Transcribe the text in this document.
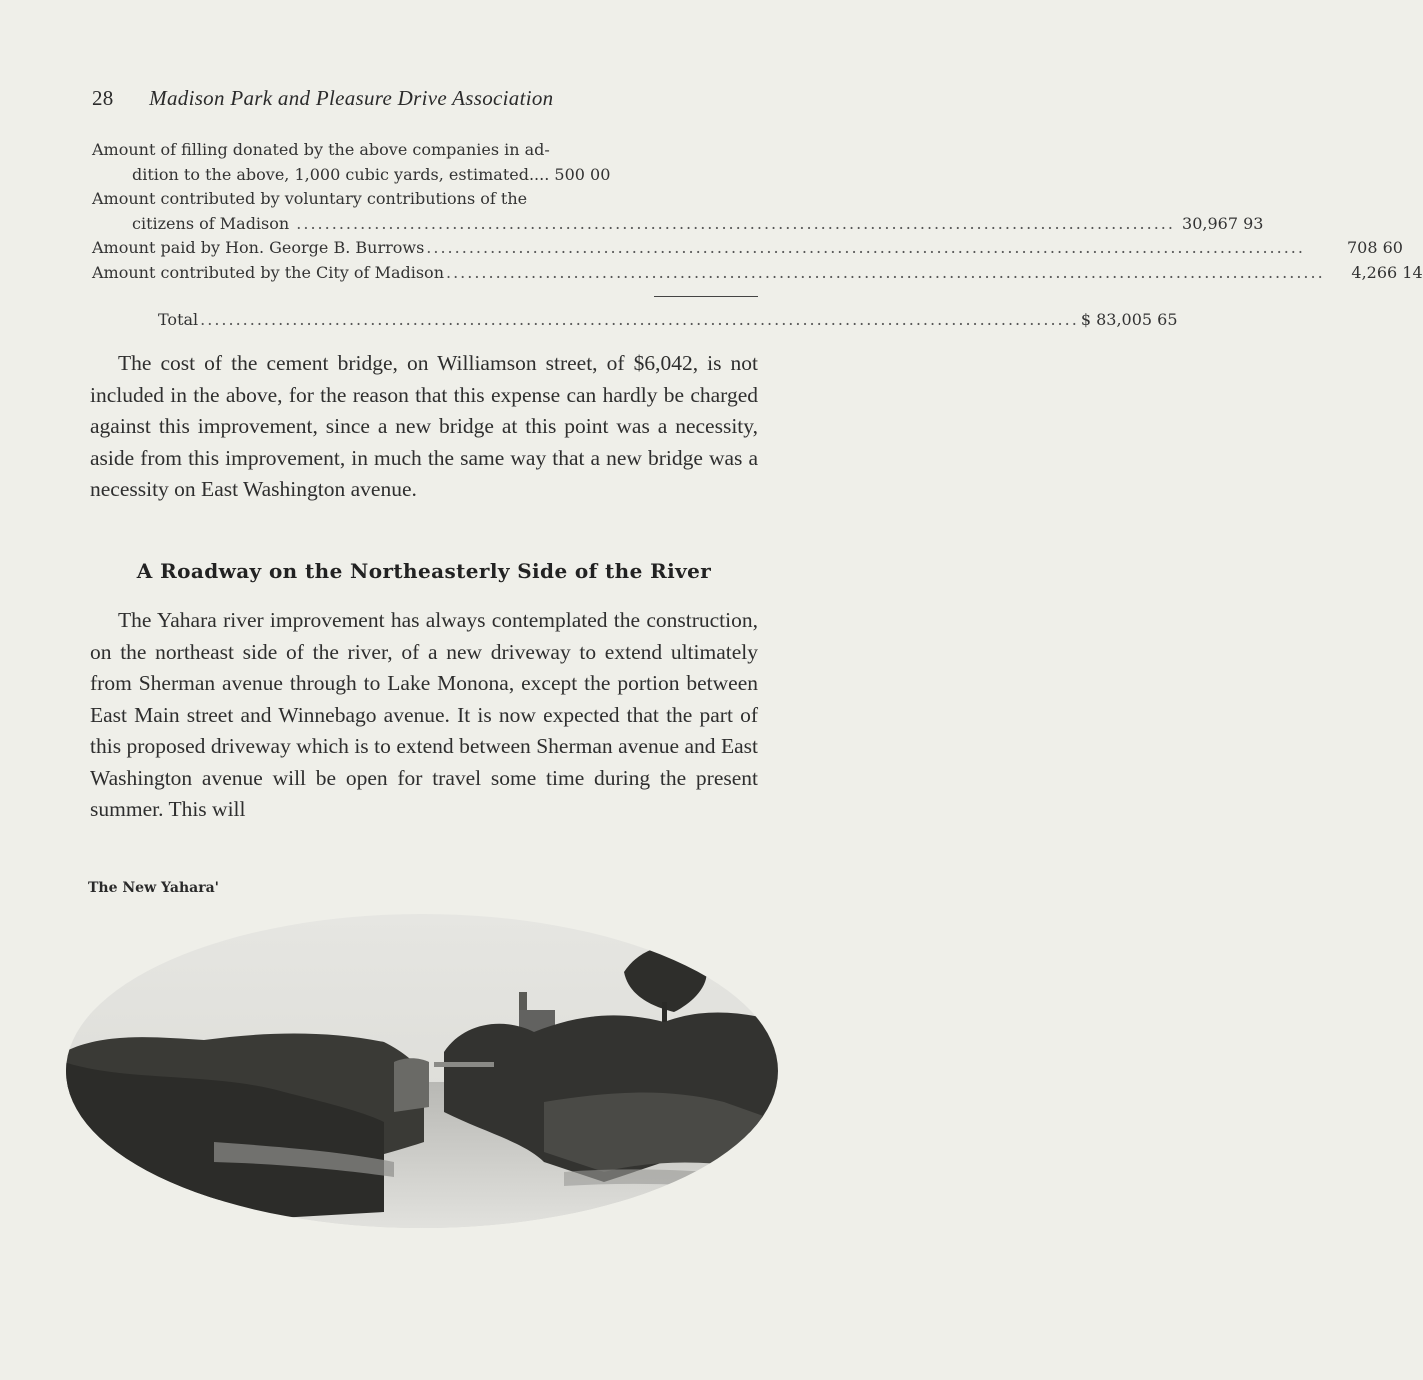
28 Madison Park and Pleasure Drive Association
Amount of filling donated by the above companies in ad-
dition to the above, 1,000 cubic yards, estimated.... 500 00
Amount contributed by voluntary contributions of the
citizens of Madison .....	30,967 93
Amount paid by Hon. George B. Burrows .....	708 60
Amount contributed by the City of Madison .....	4,266 14
Total .....	$ 83,005 65

The cost of the cement bridge, on Williamson street, of $6,042, is not included in the above, for the reason that this expense can hardly be charged against this improvement, since a new bridge at this point was a necessity, aside from this improvement, in much the same way that a new bridge was a necessity on East Washington avenue.

A Roadway on the Northeasterly Side of the River

The Yahara river improvement has always contemplated the construction, on the northeast side of the river, of a new driveway to extend ultimately from Sherman avenue through to Lake Monona, except the portion between East Main street and Winnebago avenue. It is now expected that the part of this proposed driveway which is to extend between Sherman avenue and East Washington avenue will be open for travel some time during the present summer. This will

The New Yahara'
